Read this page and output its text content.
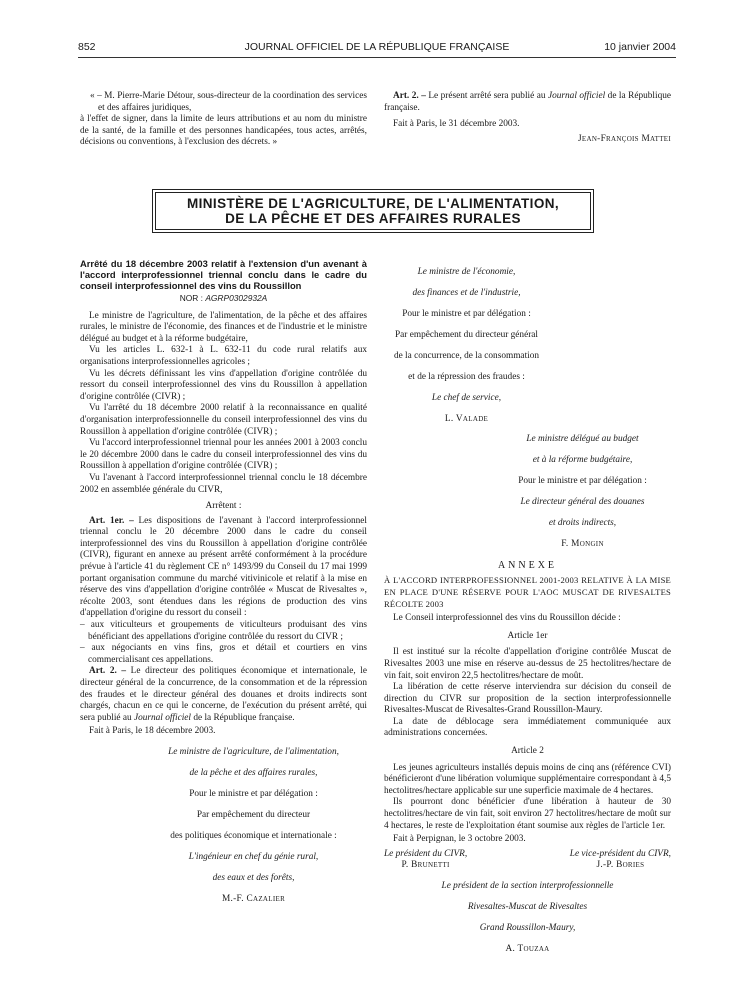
852	JOURNAL OFFICIEL DE LA RÉPUBLIQUE FRANÇAISE	10 janvier 2004

« – M. Pierre-Marie Détour, sous-directeur de la coordination des services et des affaires juridiques,

à l'effet de signer, dans la limite de leurs attributions et au nom du ministre de la santé, de la famille et des personnes handicapées, tous actes, arrêtés, décisions ou conventions, à l'exclusion des décrets. »

Art. 2. – Le présent arrêté sera publié au Journal officiel de la République française.

Fait à Paris, le 31 décembre 2003.

Jean-François Mattei

MINISTÈRE DE L'AGRICULTURE, DE L'ALIMENTATION,
DE LA PÊCHE ET DES AFFAIRES RURALES

Arrêté du 18 décembre 2003 relatif à l'extension d'un avenant à l'accord interprofessionnel triennal conclu dans le cadre du conseil interprofessionnel des vins du Roussillon

NOR : AGRP0302932A

Le ministre de l'agriculture, de l'alimentation, de la pêche et des affaires rurales, le ministre de l'économie, des finances et de l'industrie et le ministre délégué au budget et à la réforme budgétaire,

Vu les articles L. 632-1 à L. 632-11 du code rural relatifs aux organisations interprofessionnelles agricoles ;

Vu les décrets définissant les vins d'appellation d'origine contrôlée du ressort du conseil interprofessionnel des vins du Roussillon à appellation d'origine contrôlée (CIVR) ;

Vu l'arrêté du 18 décembre 2000 relatif à la reconnaissance en qualité d'organisation interprofessionnelle du conseil interprofessionnel des vins du Roussillon à appellation d'origine contrôlée (CIVR) ;

Vu l'accord interprofessionnel triennal pour les années 2001 à 2003 conclu le 20 décembre 2000 dans le cadre du conseil interprofessionnel des vins du Roussillon à appellation d'origine contrôlée (CIVR) ;

Vu l'avenant à l'accord interprofessionnel triennal conclu le 18 décembre 2002 en assemblée générale du CIVR,

Arrêtent :

Art. 1er. – Les dispositions de l'avenant à l'accord interprofessionnel triennal conclu le 20 décembre 2000 dans le cadre du conseil interprofessionnel des vins du Roussillon à appellation d'origine contrôlée (CIVR), figurant en annexe au présent arrêté conformément à la procédure prévue à l'article 41 du règlement CE n° 1493/99 du Conseil du 17 mai 1999 portant organisation commune du marché vitivinicole et relatif à la mise en réserve des vins d'appellation d'origine contrôlée « Muscat de Rivesaltes », récolte 2003, sont étendues dans les régions de production des vins d'appellation d'origine du ressort du conseil :

– aux viticulteurs et groupements de viticulteurs produisant des vins bénéficiant des appellations d'origine contrôlée du ressort du CIVR ;

– aux négociants en vins fins, gros et détail et courtiers en vins commercialisant ces appellations.

Art. 2. – Le directeur des politiques économique et internationale, le directeur général de la concurrence, de la consommation et de la répression des fraudes et le directeur général des douanes et droits indirects sont chargés, chacun en ce qui le concerne, de l'exécution du présent arrêté, qui sera publié au Journal officiel de la République française.

Fait à Paris, le 18 décembre 2003.

Le ministre de l'agriculture, de l'alimentation,

de la pêche et des affaires rurales,

Pour le ministre et par délégation :

Par empêchement du directeur

des politiques économique et internationale :

L'ingénieur en chef du génie rural,

des eaux et des forêts,

M.-F. Cazalier

Le ministre de l'économie,

des finances et de l'industrie,

Pour le ministre et par délégation :

Par empêchement du directeur général

de la concurrence, de la consommation

et de la répression des fraudes :

Le chef de service,

L. Valade

Le ministre délégué au budget

et à la réforme budgétaire,

Pour le ministre et par délégation :

Le directeur général des douanes

et droits indirects,

F. Mongin

ANNEXE

À L'ACCORD INTERPROFESSIONNEL 2001-2003 RELATIVE À LA MISE EN PLACE D'UNE RÉSERVE POUR L'AOC MUSCAT DE RIVESALTES RÉCOLTE 2003

Le Conseil interprofessionnel des vins du Roussillon décide :

Article 1er

Il est institué sur la récolte d'appellation d'origine contrôlée Muscat de Rivesaltes 2003 une mise en réserve au-dessus de 25 hectolitres/hectare de vin fait, soit environ 22,5 hectolitres/hectare de moût.

La libération de cette réserve interviendra sur décision du conseil de direction du CIVR sur proposition de la section interprofessionnelle Rivesaltes-Muscat de Rivesaltes-Grand Roussillon-Maury.

La date de déblocage sera immédiatement communiquée aux administrations concernées.

Article 2

Les jeunes agriculteurs installés depuis moins de cinq ans (référence CVI) bénéficieront d'une libération volumique supplémentaire correspondant à 4,5 hectolitres/hectare applicable sur une superficie maximale de 4 hectares.

Ils pourront donc bénéficier d'une libération à hauteur de 30 hectolitres/hectare de vin fait, soit environ 27 hectolitres/hectare de moût sur 4 hectares, le reste de l'exploitation étant soumise aux règles de l'article 1er.

Fait à Perpignan, le 3 octobre 2003.

Le président du CIVR,
P. Brunetti
Le vice-président du CIVR,
J.-P. Bories

Le président de la section interprofessionnelle

Rivesaltes-Muscat de Rivesaltes

Grand Roussillon-Maury,

A. Touzaa
